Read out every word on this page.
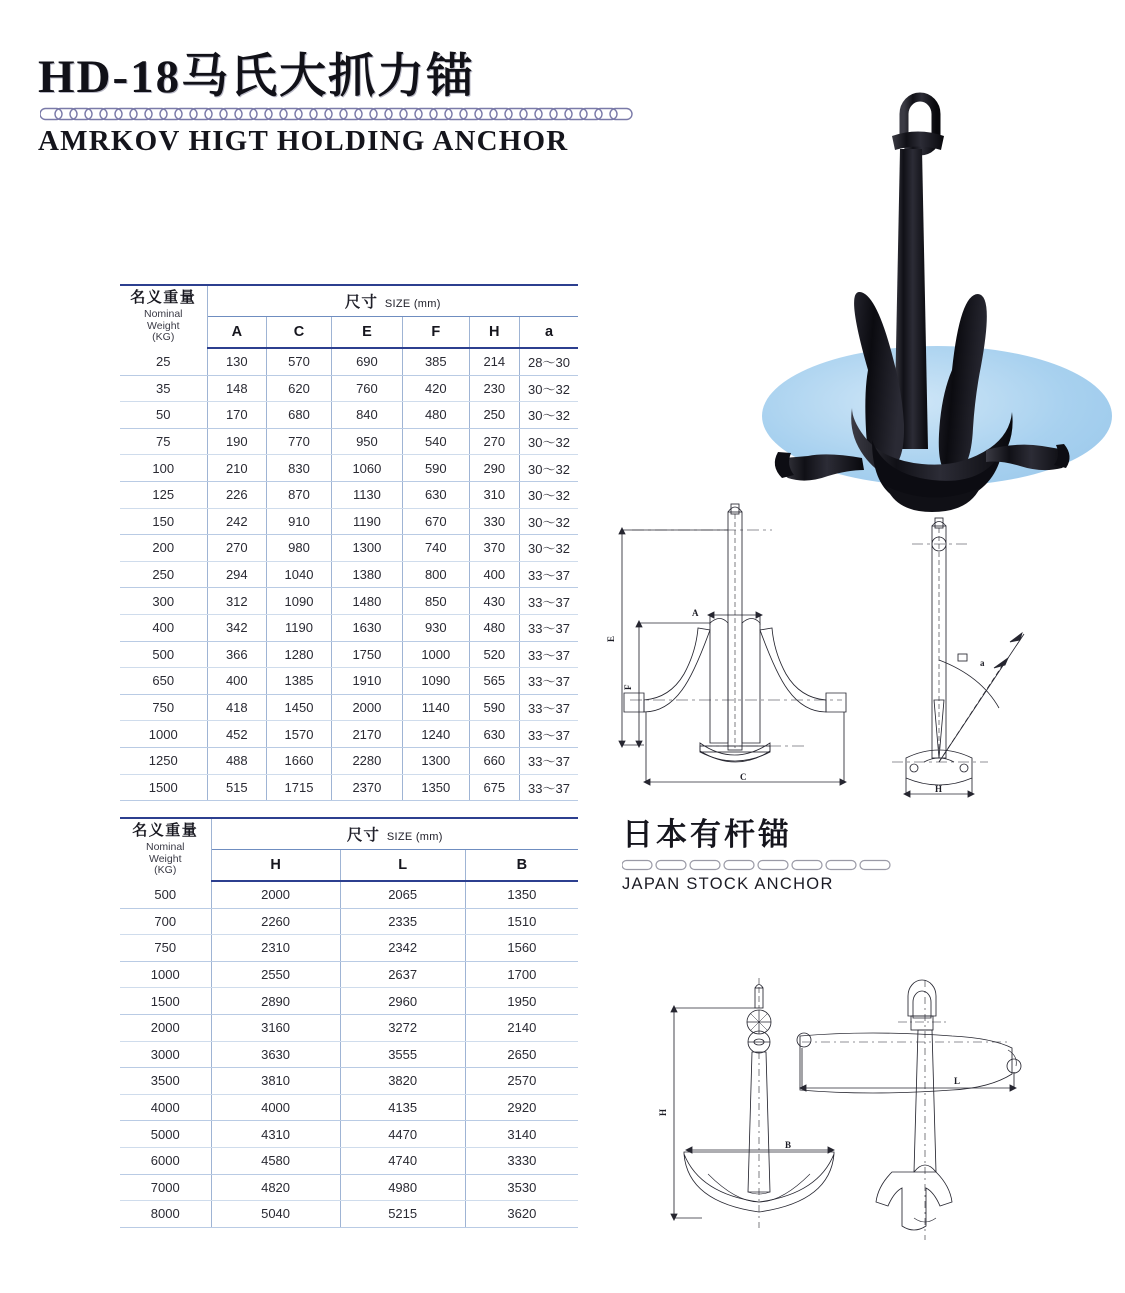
HD-18马氏大抓力锚
AMRKOV HIGT HOLDING ANCHOR
名义重量
Nominal
Weight
(KG)	尺寸 SIZE (mm)					
	A	C	E	F	H	a
25	130	570	690	385	214	28～30
35	148	620	760	420	230	30～32
50	170	680	840	480	250	30～32
75	190	770	950	540	270	30～32
100	210	830	1060	590	290	30～32
125	226	870	1130	630	310	30～32
150	242	910	1190	670	330	30～32
200	270	980	1300	740	370	30～32
250	294	1040	1380	800	400	33～37
300	312	1090	1480	850	430	33～37
400	342	1190	1630	930	480	33～37
500	366	1280	1750	1000	520	33～37
650	400	1385	1910	1090	565	33～37
750	418	1450	2000	1140	590	33～37
1000	452	1570	2170	1240	630	33～37
1250	488	1660	2280	1300	660	33～37
1500	515	1715	2370	1350	675	33～37
名义重量
Nominal
Weight
(KG)	尺寸 SIZE (mm)		
	H	L	B
500	2000	2065	1350
700	2260	2335	1510
750	2310	2342	1560
1000	2550	2637	1700
1500	2890	2960	1950
2000	3160	3272	2140
3000	3630	3555	2650
3500	3810	3820	2570
4000	4000	4135	2920
5000	4310	4470	3140
6000	4580	4740	3330
7000	4820	4980	3530
8000	5040	5215	3620
E
F
A
C
a
H
日本有杆锚
JAPAN STOCK ANCHOR
H
B
L
